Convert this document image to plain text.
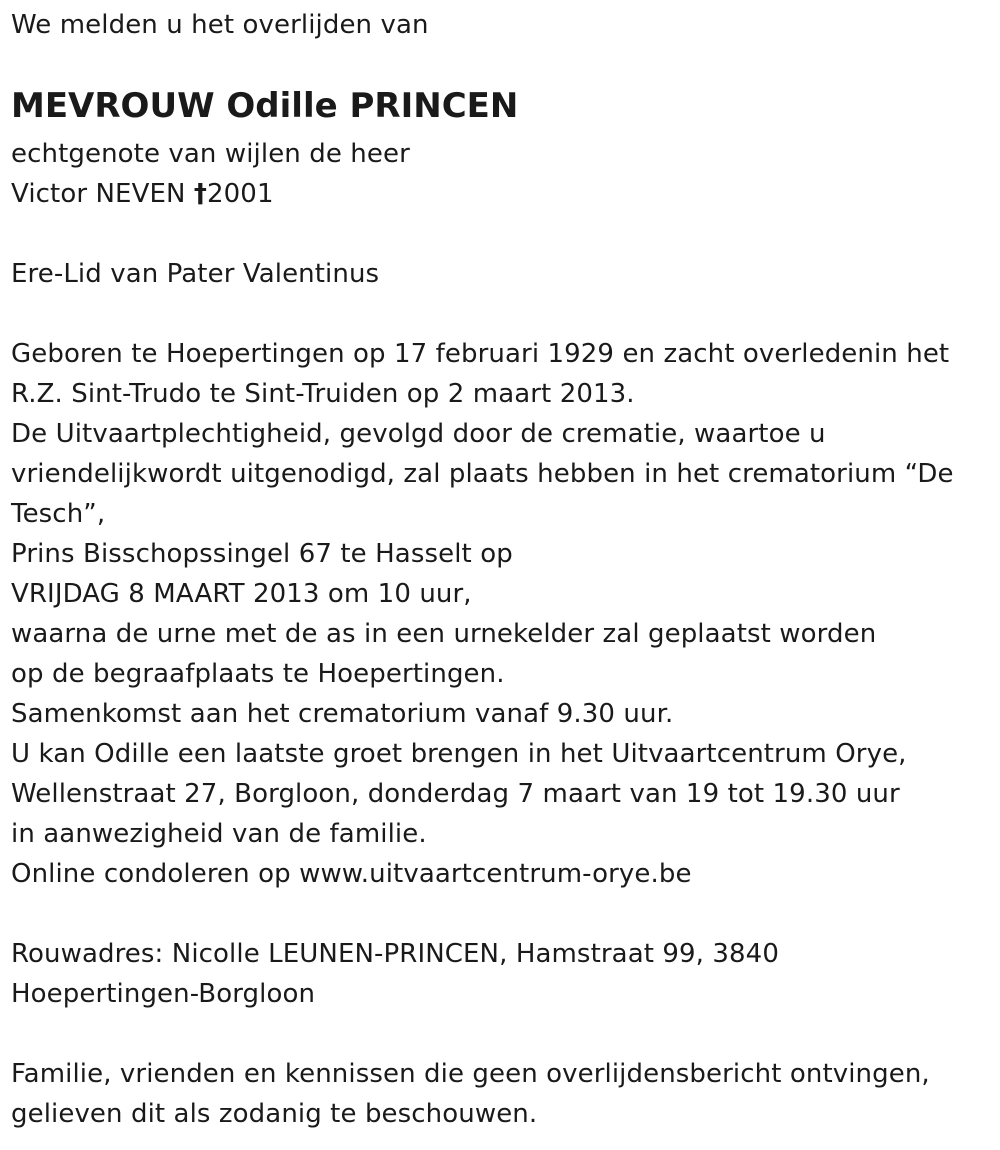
We melden u het overlijden van
MEVROUW Odille PRINCEN
echtgenote van wijlen de heer
Victor NEVEN †2001
Ere-Lid van Pater Valentinus
Geboren te Hoepertingen op 17 februari 1929 en zacht overledenin het
R.Z. Sint-Trudo te Sint-Truiden op 2 maart 2013.
De Uitvaartplechtigheid, gevolgd door de crematie, waartoe u
vriendelijkwordt uitgenodigd, zal plaats hebben in het crematorium “De
Tesch”,
Prins Bisschopssingel 67 te Hasselt op
VRIJDAG 8 MAART 2013 om 10 uur,
waarna de urne met de as in een urnekelder zal geplaatst worden
op de begraafplaats te Hoepertingen.
Samenkomst aan het crematorium vanaf 9.30 uur.
U kan Odille een laatste groet brengen in het Uitvaartcentrum Orye,
Wellenstraat 27, Borgloon, donderdag 7 maart van 19 tot 19.30 uur
in aanwezigheid van de familie.
Online condoleren op www.uitvaartcentrum-orye.be
Rouwadres: Nicolle LEUNEN-PRINCEN, Hamstraat 99, 3840
Hoepertingen-Borgloon
Familie, vrienden en kennissen die geen overlijdensbericht ontvingen,
gelieven dit als zodanig te beschouwen.
